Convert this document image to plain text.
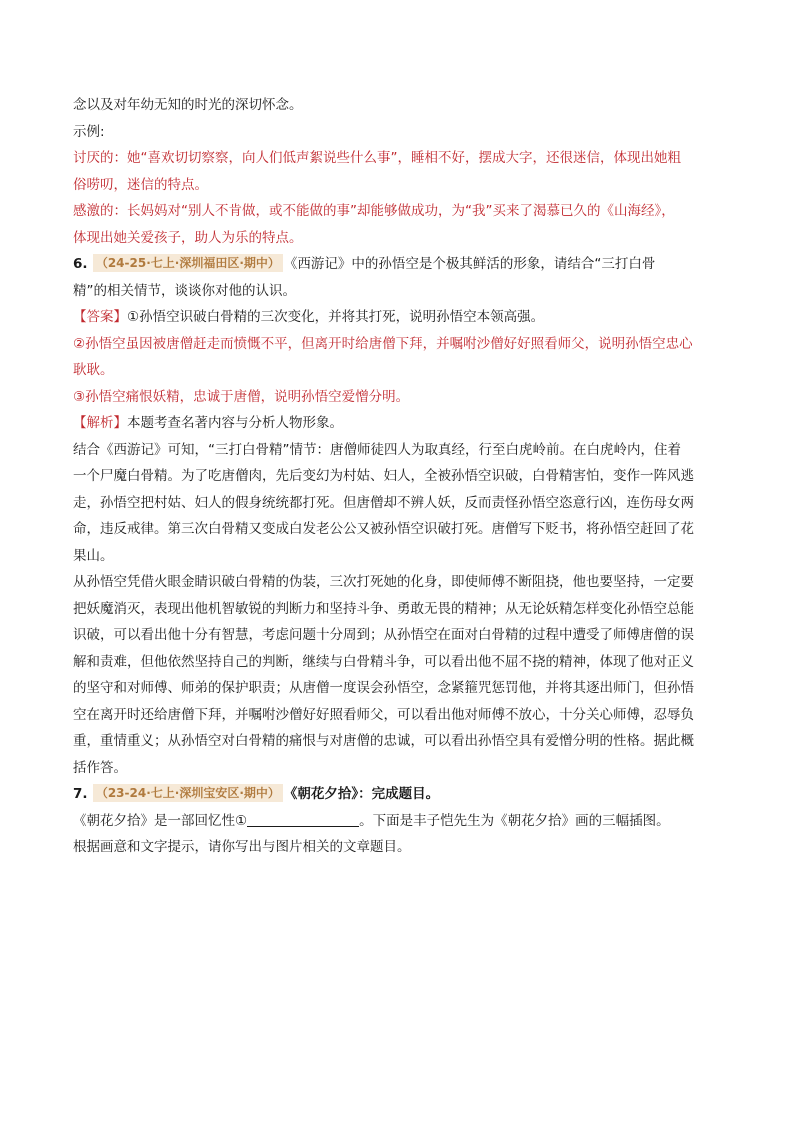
念以及对年幼无知的时光的深切怀念。
示例:
讨厌的：她“喜欢切切察察，向人们低声絮说些什么事”，睡相不好，摆成大字，还很迷信，体现出她粗
俗唠叨，迷信的特点。
感激的：长妈妈对“别人不肯做，或不能做的事”却能够做成功，为“我”买来了渴慕已久的《山海经》，
体现出她关爱孩子，助人为乐的特点。
6. （24-25·七上·深圳福田区·期中） 《西游记》中的孙悟空是个极其鲜活的形象，请结合“三打白骨
精”的相关情节，谈谈你对他的认识。
【答案】①孙悟空识破白骨精的三次变化，并将其打死，说明孙悟空本领高强。
②孙悟空虽因被唐僧赶走而愤慨不平，但离开时给唐僧下拜，并嘱咐沙僧好好照看师父，说明孙悟空忠心
耿耿。
③孙悟空痛恨妖精，忠诚于唐僧，说明孙悟空爱憎分明。
【解析】本题考查名著内容与分析人物形象。
结合《西游记》可知，“三打白骨精”情节：唐僧师徒四人为取真经，行至白虎岭前。在白虎岭内，住着
一个尸魔白骨精。为了吃唐僧肉，先后变幻为村姑、妇人，全被孙悟空识破，白骨精害怕，变作一阵风逃
走，孙悟空把村姑、妇人的假身统统都打死。但唐僧却不辨人妖，反而责怪孙悟空恣意行凶，连伤母女两
命，违反戒律。第三次白骨精又变成白发老公公又被孙悟空识破打死。唐僧写下贬书，将孙悟空赶回了花
果山。
从孙悟空凭借火眼金睛识破白骨精的伪装，三次打死她的化身，即使师傅不断阻挠，他也要坚持，一定要
把妖魔消灭，表现出他机智敏锐的判断力和坚持斗争、勇敢无畏的精神；从无论妖精怎样变化孙悟空总能
识破，可以看出他十分有智慧，考虑问题十分周到；从孙悟空在面对白骨精的过程中遭受了师傅唐僧的误
解和责难，但他依然坚持自己的判断，继续与白骨精斗争，可以看出他不屈不挠的精神，体现了他对正义
的坚守和对师傅、师弟的保护职责；从唐僧一度误会孙悟空，念紧箍咒惩罚他，并将其逐出师门，但孙悟
空在离开时还给唐僧下拜，并嘱咐沙僧好好照看师父，可以看出他对师傅不放心，十分关心师傅，忍辱负
重，重情重义；从孙悟空对白骨精的痛恨与对唐僧的忠诚，可以看出孙悟空具有爱憎分明的性格。据此概
括作答。
7. （23-24·七上·深圳宝安区·期中） 《朝花夕拾》：完成题目。
《朝花夕拾》是一部回忆性①	。下面是丰子恺先生为《朝花夕拾》画的三幅插图。
根据画意和文字提示，请你写出与图片相关的文章题目。
